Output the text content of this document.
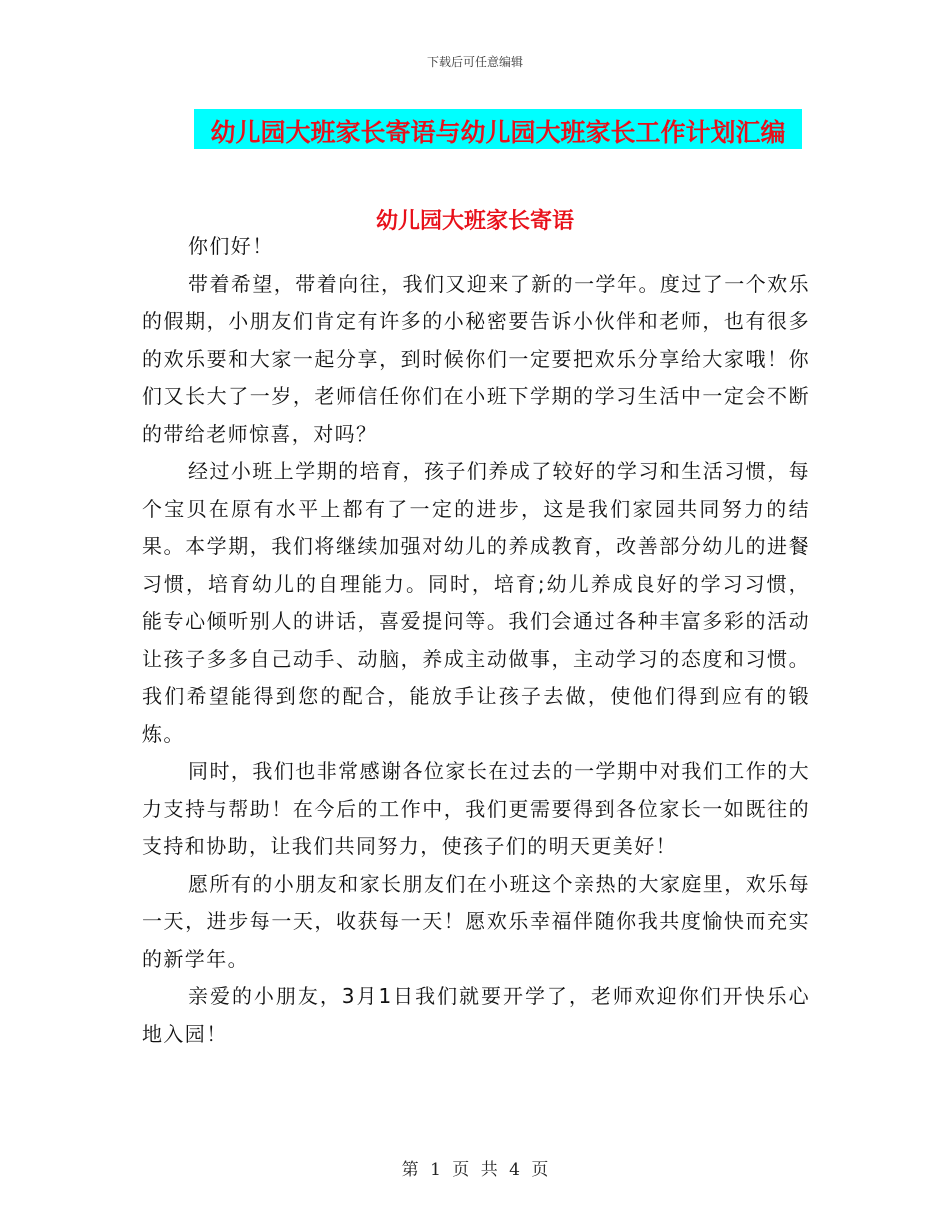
下载后可任意编辑
幼儿园大班家长寄语与幼儿园大班家长工作计划汇编
幼儿园大班家长寄语

你们好！

带着希望，带着向往，我们又迎来了新的一学年。度过了一个欢乐的假期，小朋友们肯定有许多的小秘密要告诉小伙伴和老师，也有很多的欢乐要和大家一起分享，到时候你们一定要把欢乐分享给大家哦！你们又长大了一岁，老师信任你们在小班下学期的学习生活中一定会不断的带给老师惊喜，对吗？

经过小班上学期的培育，孩子们养成了较好的学习和生活习惯，每个宝贝在原有水平上都有了一定的进步，这是我们家园共同努力的结果。本学期，我们将继续加强对幼儿的养成教育，改善部分幼儿的进餐习惯，培育幼儿的自理能力。同时，培育;幼儿养成良好的学习习惯，能专心倾听别人的讲话，喜爱提问等。我们会通过各种丰富多彩的活动让孩子多多自己动手、动脑，养成主动做事，主动学习的态度和习惯。我们希望能得到您的配合，能放手让孩子去做，使他们得到应有的锻炼。

同时，我们也非常感谢各位家长在过去的一学期中对我们工作的大力支持与帮助！在今后的工作中，我们更需要得到各位家长一如既往的支持和协助，让我们共同努力，使孩子们的明天更美好！

愿所有的小朋友和家长朋友们在小班这个亲热的大家庭里，欢乐每一天，进步每一天，收获每一天！愿欢乐幸福伴随你我共度愉快而充实的新学年。

亲爱的小朋友，3月1日我们就要开学了，老师欢迎你们开快乐心地入园！

第 1 页 共 4 页
